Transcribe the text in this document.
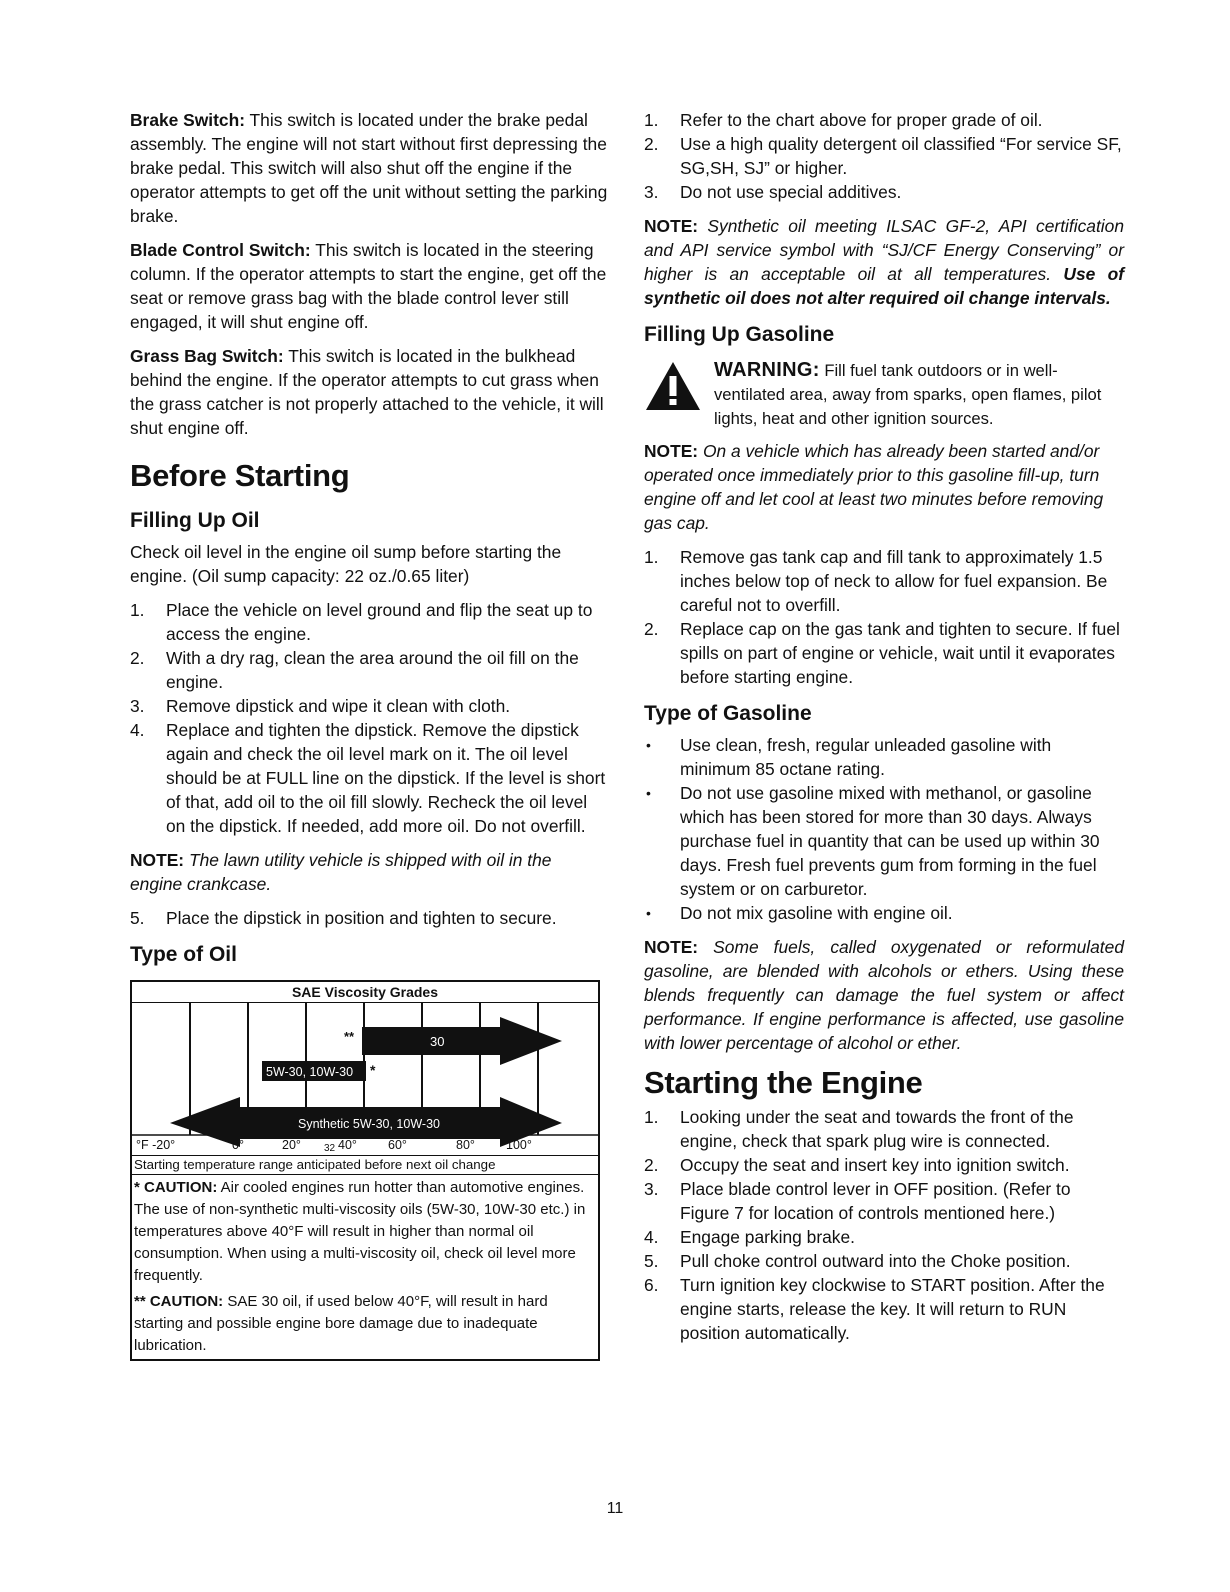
Brake Switch: This switch is located under the brake pedal assembly. The engine will not start without first depressing the brake pedal. This switch will also shut off the engine if the operator attempts to get off the unit without setting the parking brake.

Blade Control Switch: This switch is located in the steering column. If the operator attempts to start the engine, get off the seat or remove grass bag with the blade control lever still engaged, it will shut engine off.

Grass Bag Switch: This switch is located in the bulkhead behind the engine. If the operator attempts to cut grass when the grass catcher is not properly attached to the vehicle, it will shut engine off.

Before Starting
Filling Up Oil

Check oil level in the engine oil sump before starting the engine. (Oil sump capacity: 22 oz./0.65 liter)

1. Place the vehicle on level ground and flip the seat up to access the engine.
2. With a dry rag, clean the area around the oil fill on the engine.
3. Remove dipstick and wipe it clean with cloth.
4. Replace and tighten the dipstick. Remove the dipstick again and check the oil level mark on it. The oil level should be at FULL line on the dipstick. If the level is short of that, add oil to the oil fill slowly. Recheck the oil level on the dipstick. If needed, add more oil. Do not overfill.

NOTE: The lawn utility vehicle is shipped with oil in the engine crankcase.

5. Place the dipstick in position and tighten to secure.
Type of Oil
SAE Viscosity Grades
30
**
5W-30, 10W-30 *
Synthetic 5W-30, 10W-30
°F -20°	0°	20° 32 40° 60°	80° 100°
Starting temperature range anticipated before next oil change
* CAUTION: Air cooled engines run hotter than automotive engines. The use of non-synthetic multi-viscosity oils (5W-30, 10W-30 etc.) in temperatures above 40°F will result in higher than normal oil consumption. When using a multi-viscosity oil, check oil level more frequently.
** CAUTION: SAE 30 oil, if used below 40°F, will result in hard starting and possible engine bore damage due to inadequate lubrication.
1. Refer to the chart above for proper grade of oil.
2. Use a high quality detergent oil classified “For service SF, SG,SH, SJ” or higher.
3. Do not use special additives.

NOTE: Synthetic oil meeting ILSAC GF-2, API certification and API service symbol with “SJ/CF Energy Conserving” or higher is an acceptable oil at all temperatures. Use of synthetic oil does not alter required oil change intervals.

Filling Up Gasoline
WARNING: Fill fuel tank outdoors or in well-ventilated area, away from sparks, open flames, pilot lights, heat and other ignition sources.

NOTE: On a vehicle which has already been started and/or operated once immediately prior to this gasoline fill-up, turn engine off and let cool at least two minutes before removing gas cap.

1. Remove gas tank cap and fill tank to approximately 1.5 inches below top of neck to allow for fuel expansion. Be careful not to overfill.
2. Replace cap on the gas tank and tighten to secure. If fuel spills on part of engine or vehicle, wait until it evaporates before starting engine.
Type of Gasoline
• Use clean, fresh, regular unleaded gasoline with minimum 85 octane rating.
• Do not use gasoline mixed with methanol, or gasoline which has been stored for more than 30 days. Always purchase fuel in quantity that can be used up within 30 days. Fresh fuel prevents gum from forming in the fuel system or on carburetor.
• Do not mix gasoline with engine oil.

NOTE: Some fuels, called oxygenated or reformulated gasoline, are blended with alcohols or ethers. Using these blends frequently can damage the fuel system or affect performance. If engine performance is affected, use gasoline with lower percentage of alcohol or ether.

Starting the Engine
1. Looking under the seat and towards the front of the engine, check that spark plug wire is connected.
2. Occupy the seat and insert key into ignition switch.
3. Place blade control lever in OFF position. (Refer to Figure 7 for location of controls mentioned here.)
4. Engage parking brake.
5. Pull choke control outward into the Choke position.
6. Turn ignition key clockwise to START position. After the engine starts, release the key. It will return to RUN position automatically.
11
